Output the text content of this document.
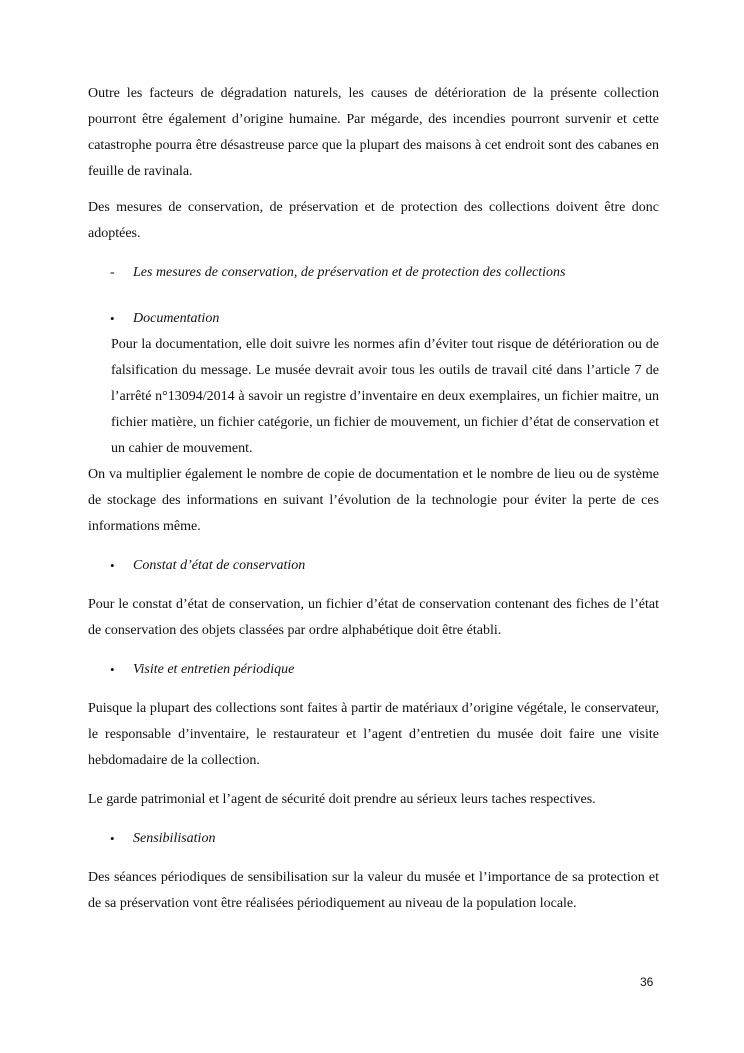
Outre les facteurs de dégradation naturels, les causes de détérioration de la présente collection pourront être également d’origine humaine. Par mégarde, des incendies pourront survenir et cette catastrophe pourra être désastreuse parce que la plupart des maisons à cet endroit sont des cabanes en feuille de ravinala.

Des mesures de conservation, de préservation et de protection des collections doivent être donc adoptées.

- Les mesures de conservation, de préservation et de protection des collections
• Documentation

Pour la documentation, elle doit suivre les normes afin d’éviter tout risque de détérioration ou de falsification du message. Le musée devrait avoir tous les outils de travail cité dans l’article 7 de l’arrêté n°13094/2014 à savoir un registre d’inventaire en deux exemplaires, un fichier maitre, un fichier matière, un fichier catégorie, un fichier de mouvement, un fichier d’état de conservation et un cahier de mouvement.

On va multiplier également le nombre de copie de documentation et le nombre de lieu ou de système de stockage des informations en suivant l’évolution de la technologie pour éviter la perte de ces informations même.

• Constat d’état de conservation

Pour le constat d’état de conservation, un fichier d’état de conservation contenant des fiches de l’état de conservation des objets classées par ordre alphabétique doit être établi.

• Visite et entretien périodique

Puisque la plupart des collections sont faites à partir de matériaux d’origine végétale, le conservateur, le responsable d’inventaire, le restaurateur et l’agent d’entretien du musée doit faire une visite hebdomadaire de la collection.

Le garde patrimonial et l’agent de sécurité doit prendre au sérieux leurs taches respectives.

• Sensibilisation

Des séances périodiques de sensibilisation sur la valeur du musée et l’importance de sa protection et de sa préservation vont être réalisées périodiquement au niveau de la population locale.

36
